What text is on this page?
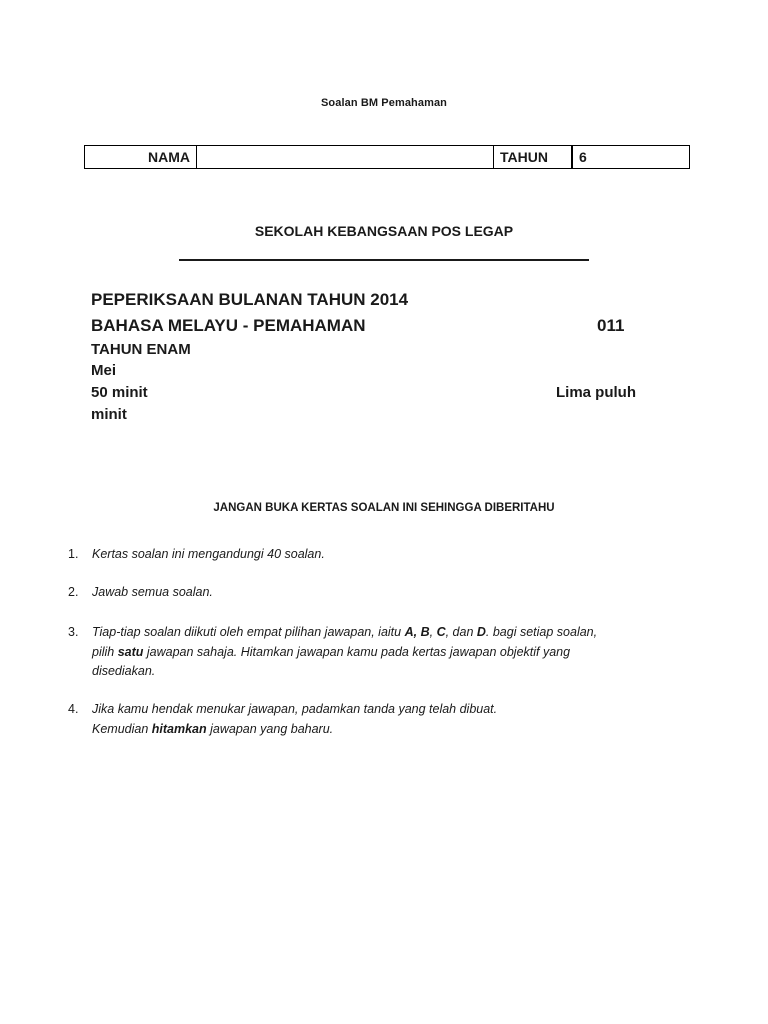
Soalan BM Pemahaman
NAMA		TAHUN	6
SEKOLAH KEBANGSAAN POS LEGAP
PEPERIKSAAN BULANAN TAHUN 2014
BAHASA MELAYU - PEMAHAMAN	011
TAHUN ENAM
Mei
50 minit	Lima puluh
minit
JANGAN BUKA KERTAS SOALAN INI SEHINGGA DIBERITAHU
1. Kertas soalan ini mengandungi 40 soalan.
2. Jawab semua soalan.
3. Tiap-tiap soalan diikuti oleh empat pilihan jawapan, iaitu A, B, C, dan D. bagi setiap soalan,
pilih satu jawapan sahaja. Hitamkan jawapan kamu pada kertas jawapan objektif yang
disediakan.
4. Jika kamu hendak menukar jawapan, padamkan tanda yang telah dibuat.
Kemudian hitamkan jawapan yang baharu.
